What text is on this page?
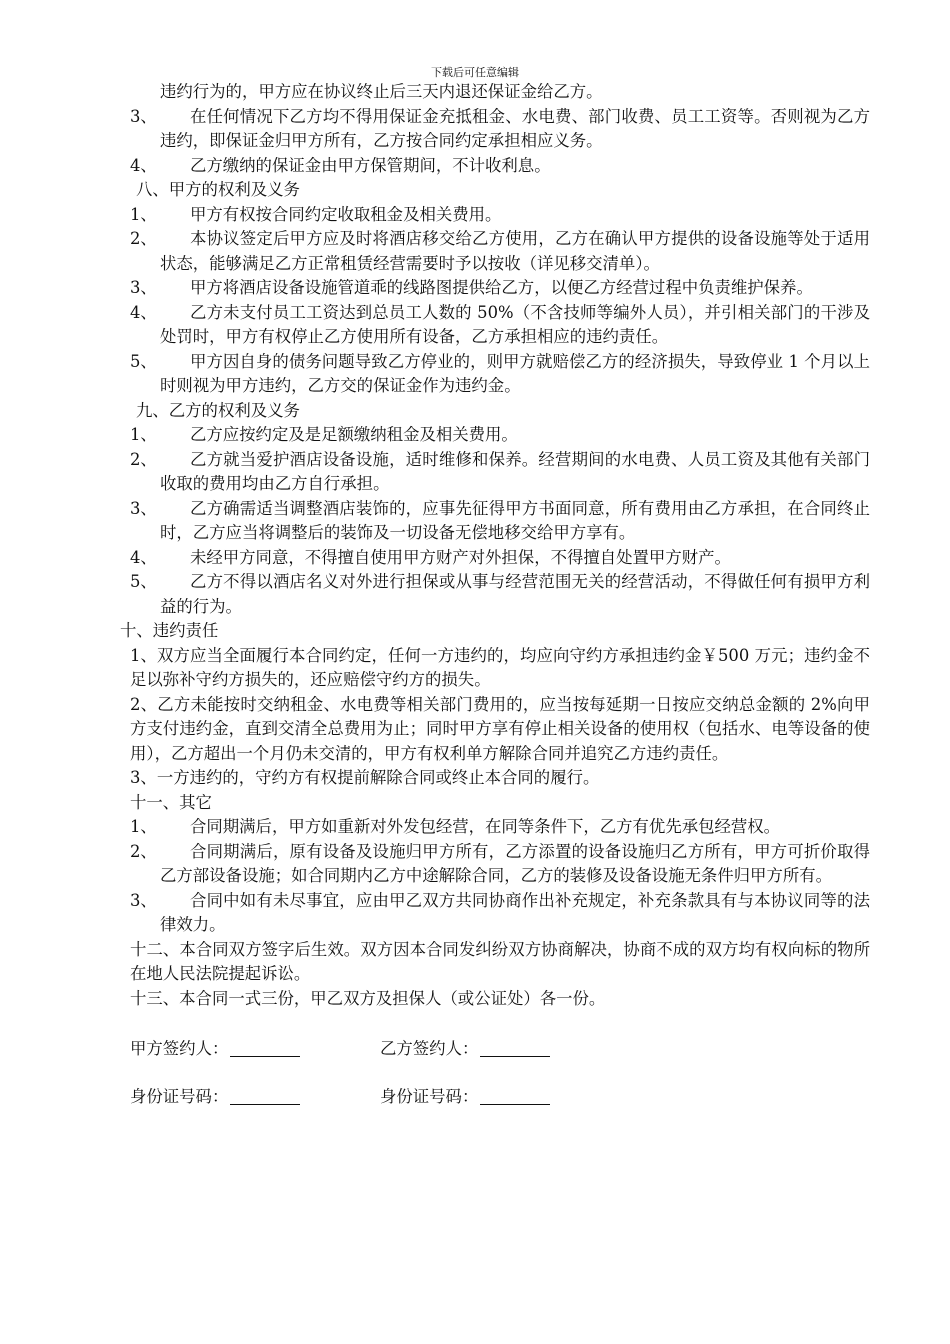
下载后可任意编辑

违约行为的，甲方应在协议终止后三天内退还保证金给乙方。

3、	在任何情况下乙方均不得用保证金充抵租金、水电费、部门收费、员工工资等。否则视为乙方违约，即保证金归甲方所有，乙方按合同约定承担相应义务。
4、	乙方缴纳的保证金由甲方保管期间，不计收利息。

八、甲方的权利及义务

1、	甲方有权按合同约定收取租金及相关费用。
2、	本协议签定后甲方应及时将酒店移交给乙方使用，乙方在确认甲方提供的设备设施等处于适用状态，能够满足乙方正常租赁经营需要时予以按收（详见移交清单）。
3、	甲方将酒店设备设施管道乖的线路图提供给乙方，以便乙方经营过程中负责维护保养。
4、	乙方未支付员工工资达到总员工人数的 50%（不含技师等编外人员），并引相关部门的干涉及处罚时，甲方有权停止乙方使用所有设备，乙方承担相应的违约责任。
5、	甲方因自身的债务问题导致乙方停业的，则甲方就赔偿乙方的经济损失，导致停业 1 个月以上时则视为甲方违约，乙方交的保证金作为违约金。

九、乙方的权利及义务

1、	乙方应按约定及是足额缴纳租金及相关费用。
2、	乙方就当爱护酒店设备设施，适时维修和保养。经营期间的水电费、人员工资及其他有关部门收取的费用均由乙方自行承担。
3、	乙方确需适当调整酒店装饰的，应事先征得甲方书面同意，所有费用由乙方承担，在合同终止时，乙方应当将调整后的装饰及一切设备无偿地移交给甲方享有。
4、	未经甲方同意，不得擅自使用甲方财产对外担保，不得擅自处置甲方财产。
5、	乙方不得以酒店名义对外进行担保或从事与经营范围无关的经营活动，不得做任何有损甲方利益的行为。

十、违约责任

1、双方应当全面履行本合同约定，任何一方违约的，均应向守约方承担违约金￥500 万元；违约金不足以弥补守约方损失的，还应赔偿守约方的损失。

2、乙方未能按时交纳租金、水电费等相关部门费用的，应当按每延期一日按应交纳总金额的 2%向甲方支付违约金，直到交清全总费用为止；同时甲方享有停止相关设备的使用权（包括水、电等设备的使用），乙方超出一个月仍未交清的，甲方有权利单方解除合同并追究乙方违约责任。

3、一方违约的，守约方有权提前解除合同或终止本合同的履行。

十一、其它

1、	合同期满后，甲方如重新对外发包经营，在同等条件下，乙方有优先承包经营权。
2、	合同期满后，原有设备及设施归甲方所有，乙方添置的设备设施归乙方所有，甲方可折价取得乙方部设备设施；如合同期内乙方中途解除合同，乙方的装修及设备设施无条件归甲方所有。
3、	合同中如有未尽事宜，应由甲乙双方共同协商作出补充规定，补充条款具有与本协议同等的法律效力。

十二、本合同双方签字后生效。双方因本合同发纠纷双方协商解决，协商不成的双方均有权向标的物所在地人民法院提起诉讼。

十三、本合同一式三份，甲乙双方及担保人（或公证处）各一份。

甲方签约人：	乙方签约人：
身份证号码：	身份证号码：
